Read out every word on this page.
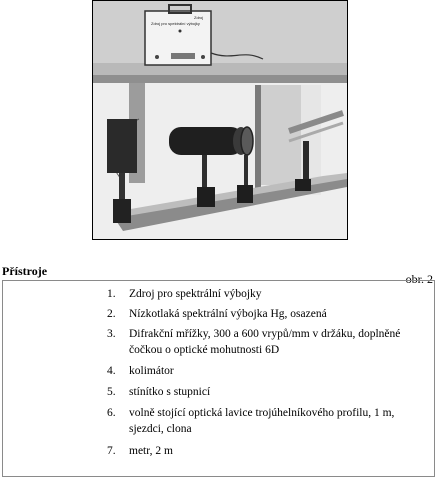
Zdroj pro spektrální výbojky
Zdroj
obr. 2
Přístroje
1.	Zdroj pro spektrální výbojky
2.	Nízkotlaká spektrální výbojka Hg, osazená
3.	Difrakční mřížky, 300 a 600 vrypů/mm v držáku, doplněné
čočkou o optické mohutnosti 6D
4.	kolimátor
5.	stínítko s stupnicí
6.	volně stojící optická lavice trojúhelníkového profilu, 1 m,
sjezdci, clona
7.	metr, 2 m
